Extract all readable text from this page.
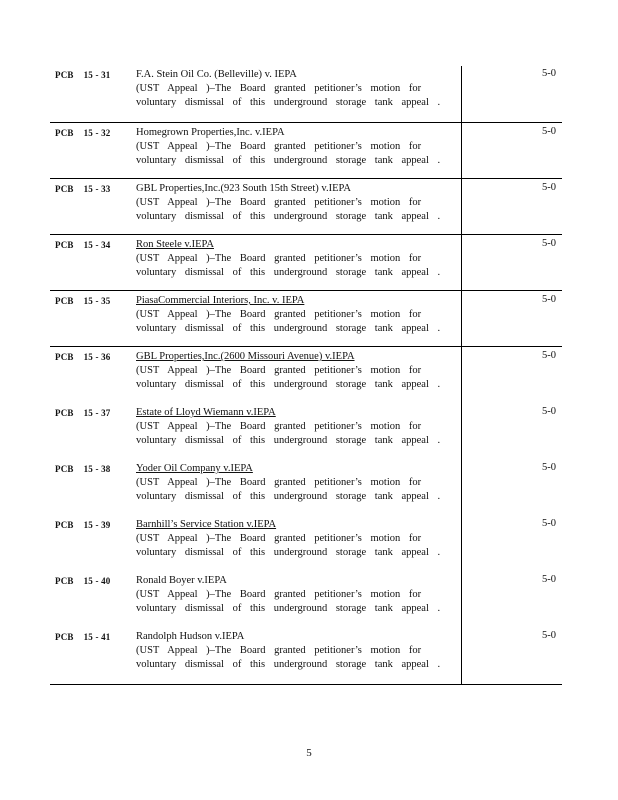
PCB 15 - 31 F.A. Stein Oil Co. (Belleville) v. IEPA
(UST Appeal )–The Board granted petitioner’s motion for
voluntary dismissal of this underground storage tank appeal .
5-0
PCB 15 - 32 Homegrown Properties,Inc. v.IEPA
(UST Appeal )–The Board granted petitioner’s motion for
voluntary dismissal of this underground storage tank appeal .
5-0
PCB 15 - 33 GBL Properties,Inc.(923 South 15th Street) v.IEPA
(UST Appeal )–The Board granted petitioner’s motion for
voluntary dismissal of this underground storage tank appeal .
5-0
PCB 15 - 34 Ron Steele v.IEPA
(UST Appeal )–The Board granted petitioner’s motion for
voluntary dismissal of this underground storage tank appeal .
5-0
PCB 15 - 35 PiasaCommercial Interiors, Inc. v. IEPA
(UST Appeal )–The Board granted petitioner’s motion for
voluntary dismissal of this underground storage tank appeal .
5-0
PCB 15 - 36 GBL Properties,Inc.(2600 Missouri Avenue) v.IEPA
(UST Appeal )–The Board granted petitioner’s motion for
voluntary dismissal of this underground storage tank appeal .
5-0
PCB 15 - 37 Estate of Lloyd Wiemann v.IEPA
(UST Appeal )–The Board granted petitioner’s motion for
voluntary dismissal of this underground storage tank appeal .
5-0
PCB 15 - 38 Yoder Oil Company v.IEPA
(UST Appeal )–The Board granted petitioner’s motion for
voluntary dismissal of this underground storage tank appeal .
5-0
PCB 15 - 39 Barnhill’s Service Station v.IEPA
(UST Appeal )–The Board granted petitioner’s motion for
voluntary dismissal of this underground storage tank appeal .
5-0
PCB 15 - 40 Ronald Boyer v.IEPA
(UST Appeal )–The Board granted petitioner’s motion for
voluntary dismissal of this underground storage tank appeal .
5-0
PCB 15 - 41 Randolph Hudson v.IEPA
(UST Appeal )–The Board granted petitioner’s motion for
voluntary dismissal of this underground storage tank appeal .
5-0
5
